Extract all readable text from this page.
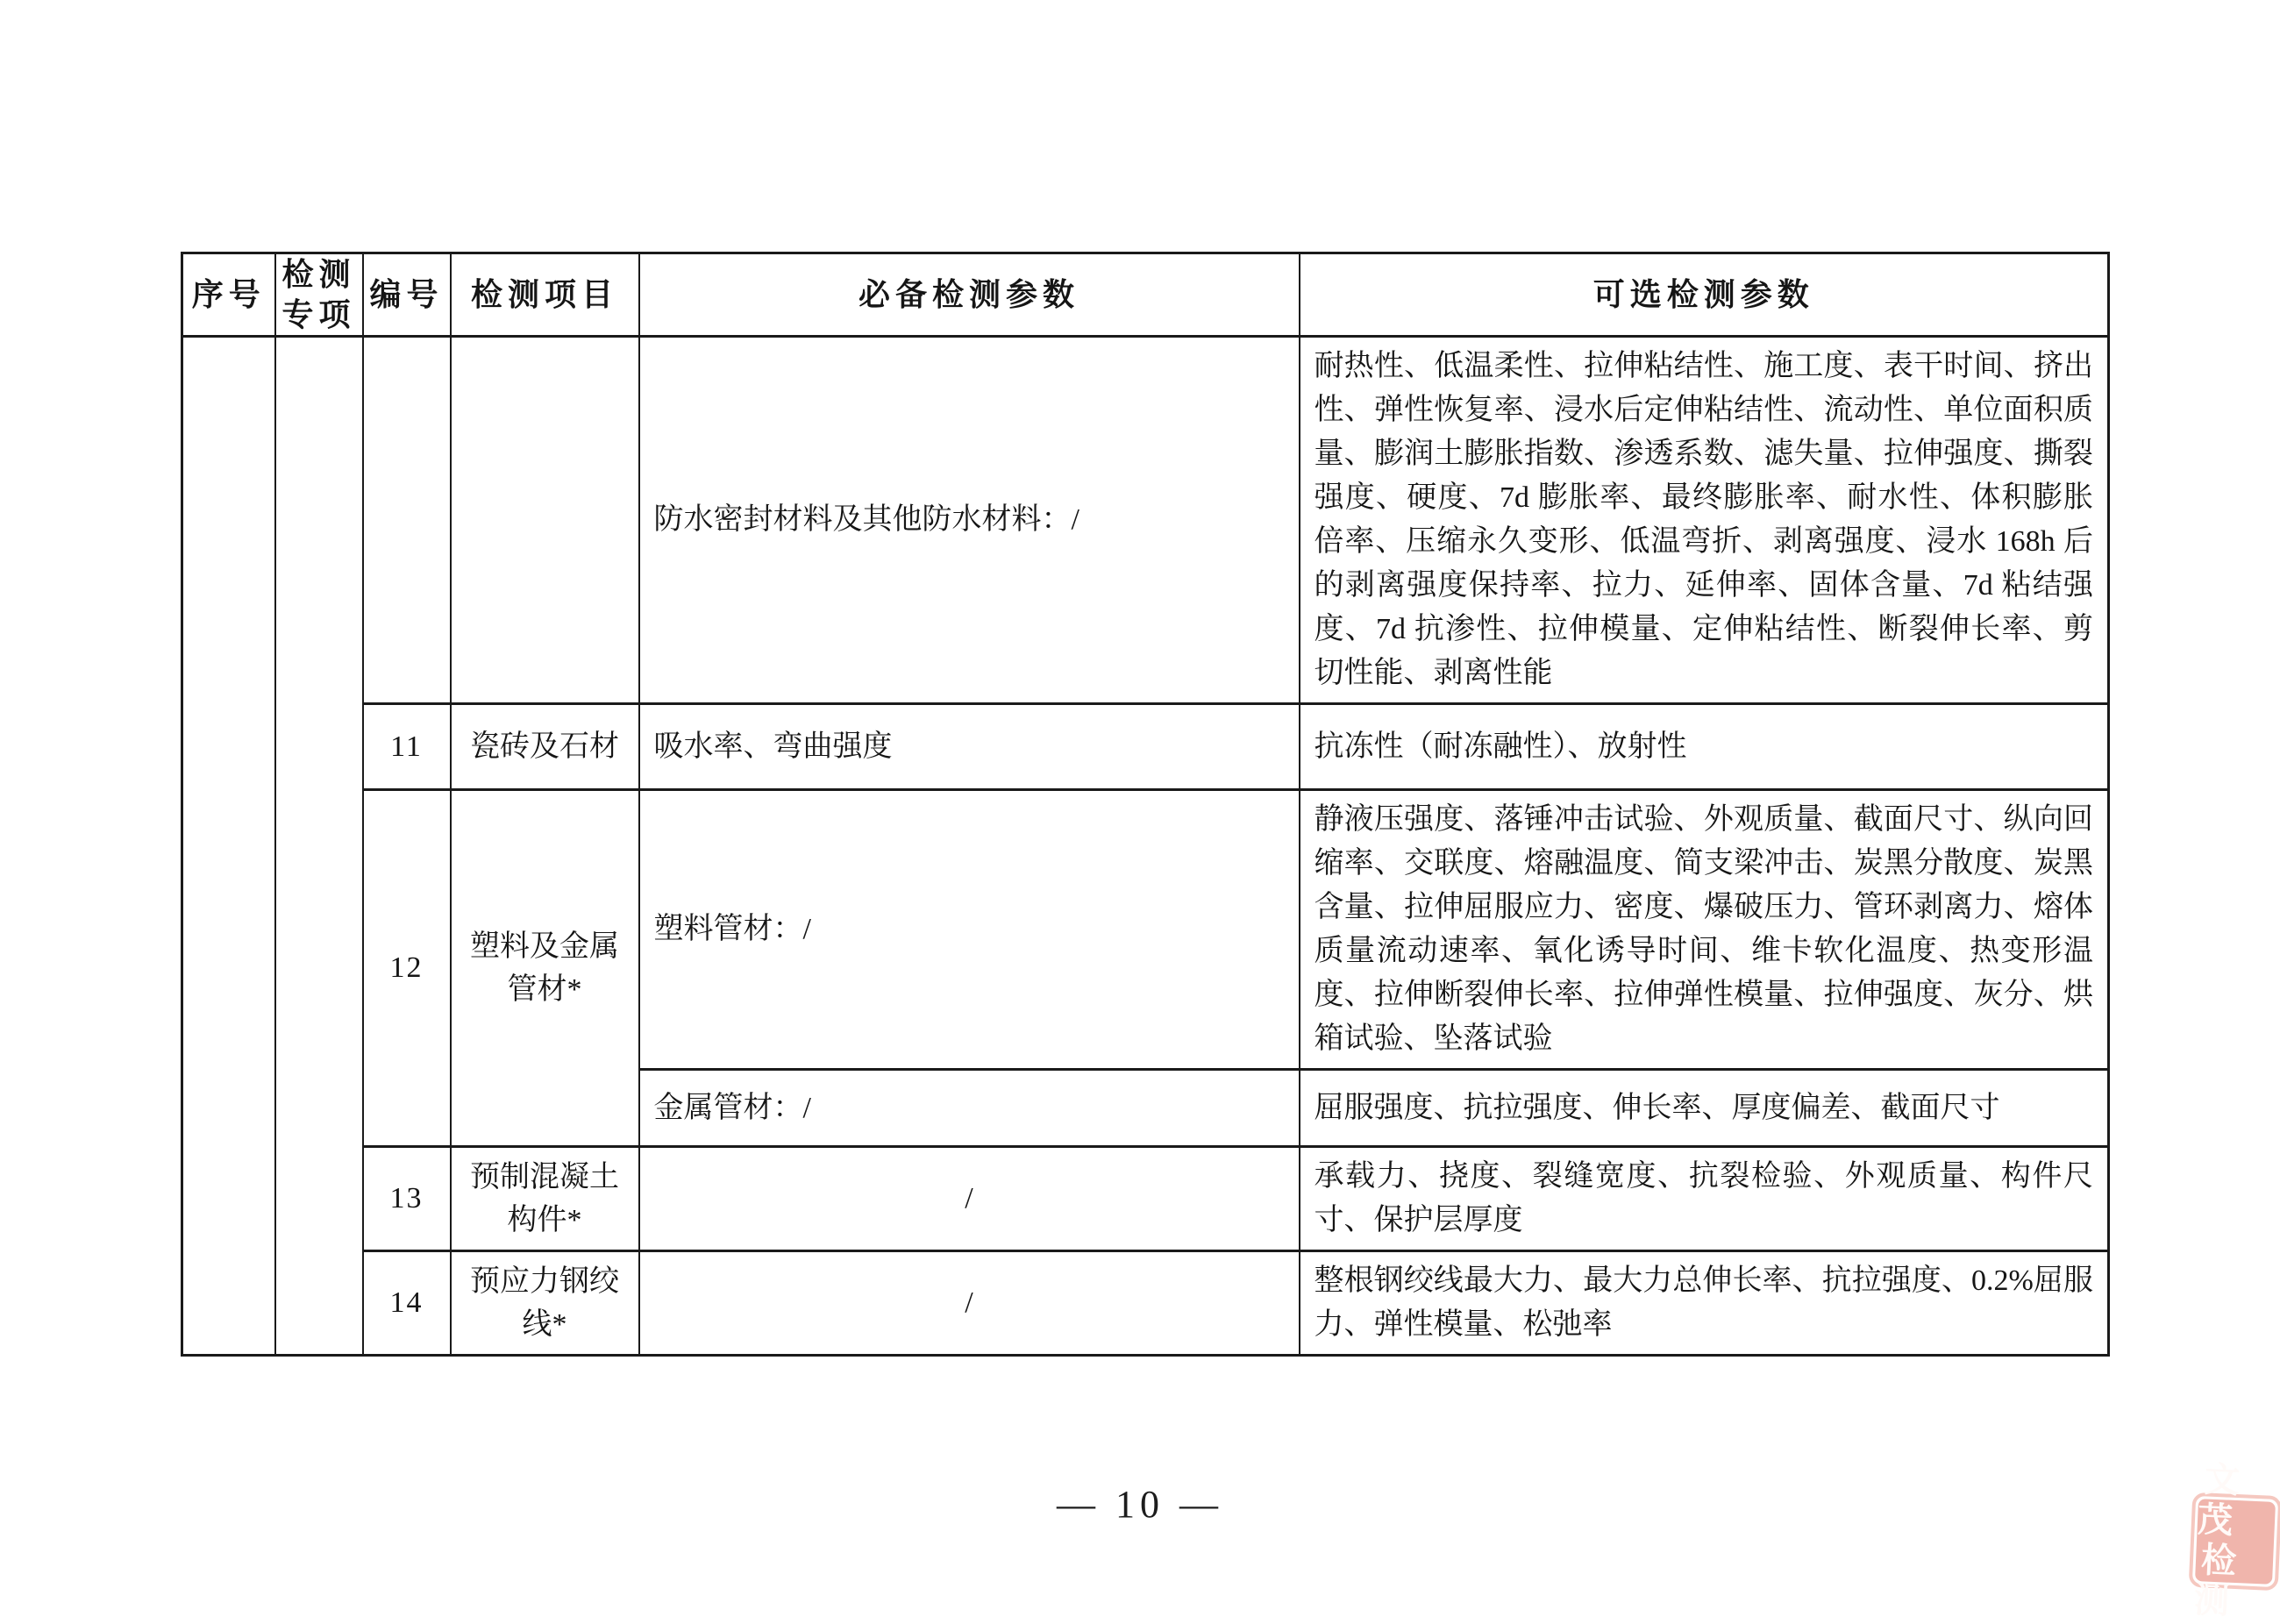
序号	检测专项	编号	检测项目	必备检测参数	可选检测参数
				防水密封材料及其他防水材料：/	耐热性、低温柔性、拉伸粘结性、施工度、表干时间、挤出性、弹性恢复率、浸水后定伸粘结性、流动性、单位面积质量、膨润土膨胀指数、渗透系数、滤失量、拉伸强度、撕裂强度、硬度、7d 膨胀率、最终膨胀率、耐水性、体积膨胀倍率、压缩永久变形、低温弯折、剥离强度、浸水 168h 后的剥离强度保持率、拉力、延伸率、固体含量、7d 粘结强度、7d 抗渗性、拉伸模量、定伸粘结性、断裂伸长率、剪切性能、剥离性能
		11	瓷砖及石材	吸水率、弯曲强度	抗冻性（耐冻融性）、放射性
		12	塑料及金属管材*	塑料管材：/	静液压强度、落锤冲击试验、外观质量、截面尺寸、纵向回缩率、交联度、熔融温度、简支梁冲击、炭黑分散度、炭黑含量、拉伸屈服应力、密度、爆破压力、管环剥离力、熔体质量流动速率、氧化诱导时间、维卡软化温度、热变形温度、拉伸断裂伸长率、拉伸弹性模量、拉伸强度、灰分、烘箱试验、坠落试验
				金属管材：/	屈服强度、抗拉强度、伸长率、厚度偏差、截面尺寸
		13	预制混凝土构件*	/	承载力、挠度、裂缝宽度、抗裂检验、外观质量、构件尺寸、保护层厚度
		14	预应力钢绞线*	/	整根钢绞线最大力、最大力总伸长率、抗拉强度、0.2%屈服力、弹性模量、松弛率
— 10 —
文茂
检测
